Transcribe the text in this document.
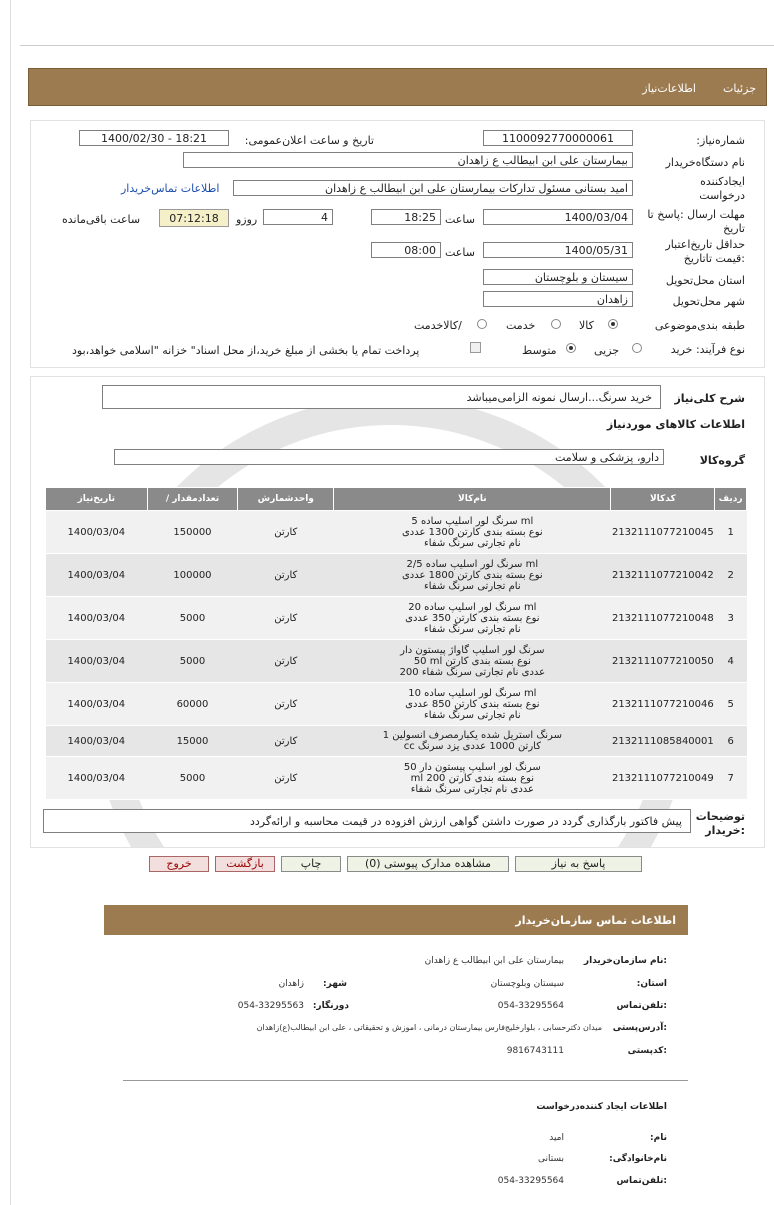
جزئیات
اطلاعات‌نیاز
شماره‌نیاز:
1100092770000061
تاریخ و ساعت اعلان‌عمومی:
1400/02/30 - 18:21
نام دستگاه‌خریدار
بیمارستان علی ابن ابیطالب ع زاهدان
ایجادکننده
درخواست
امید بستانی مسئول تدارکات بیمارستان علی ابن ابیطالب ع زاهدان
اطلاعات تماس‌خریدار
مهلت ارسال :پاسخ تا
تاریخ
1400/03/04
ساعت
18:25
4
روزو
07:12:18
ساعت باقی‌مانده
حداقل تاریخ‌اعتبار
:قیمت تا‌تاریخ
1400/05/31
ساعت
08:00
استان محل‌تحویل
سیستان و بلوچستان
شهر محل‌تحویل
زاهدان
طبقه بندی‌موضوعی
کالا
خدمت
/کالاخدمت
نوع فرآیند: خرید
جزیی
متوسط
پرداخت تمام یا بخشی از مبلغ خرید،از محل اسناد" خزانه "اسلامی خواهد،بود
شرح کلی‌نیاز
خرید سرنگ...ارسال نمونه الزامی‌میباشد
اطلاعات کالاهای موردنیاز
گروه‌کالا
دارو، پزشکی و سلامت
تاریخ‌نیاز	/ تعدادمقدار	واحدشمارش	نام‌کالا	کدکالا	ردیف
1400/03/04	150000	کارتن	سرنگ لور اسلیپ ساده 5 ml
نوع بسته بندی کارتن 1300 عددی
نام تجارتی سرنگ شفاء	2132111077210045	1
1400/03/04	100000	کارتن	سرنگ لور اسلیپ ساده 2/5 ml
نوع بسته بندی کارتن 1800 عددی
نام تجارتی سرنگ شفاء	2132111077210042	2
1400/03/04	5000	کارتن	سرنگ لور اسلیپ ساده 20 ml
نوع بسته بندی کارتن 350 عددی
نام تجارتی سرنگ شفاء	2132111077210048	3
1400/03/04	5000	کارتن	سرنگ لور اسلیپ گاواژ پیستون دار
50 ml نوع بسته بندی کارتن
200 عددی نام تجارتی سرنگ شفاء	2132111077210050	4
1400/03/04	60000	کارتن	سرنگ لور اسلیپ ساده 10 ml
نوع بسته بندی کارتن 850 عددی
نام تجارتی سرنگ شفاء	2132111077210046	5
1400/03/04	15000	کارتن	سرنگ استریل شده یکبارمصرف انسولین 1
cc کارتن 1000 عددی یزد سرنگ	2132111085840001	6
1400/03/04	5000	کارتن	سرنگ لور اسلیپ پیستون دار 50
ml نوع بسته بندی کارتن 200
عددی نام تجارتی سرنگ شفاء	2132111077210049	7
توضیحات
:خریدار
پیش فاکتور بارگذاری گردد در صورت داشتن گواهی ارزش افزوده در قیمت محاسبه و ارائه‌گردد
پاسخ به نیاز
مشاهده مدارک پیوستی (0)
چاپ
بازگشت
خروج
اطلاعات تماس سازمان‌خریدار
نام سازمان‌خریدار:
بیمارستان علی ابن ابیطالب ع زاهدان
:استان
سیستان وبلوچستان
:شهر
زاهدان
تلفن‌تماس:
054-33295564
:دورنگار
054-33295563
آدرس‌پستی:
میدان دکترحسابی ، بلوارخلیج‌فارس بیمارستان درمانی ، اموزش و تحقیقاتی ، علی ابن ابیطالب(ع)زاهدان
کدپستی:
9816743111
اطلاعات ایجاد کننده‌درخواست
:نام
امید
:نام‌خانوادگی
بستانی
تلفن‌تماس:
054-33295564
